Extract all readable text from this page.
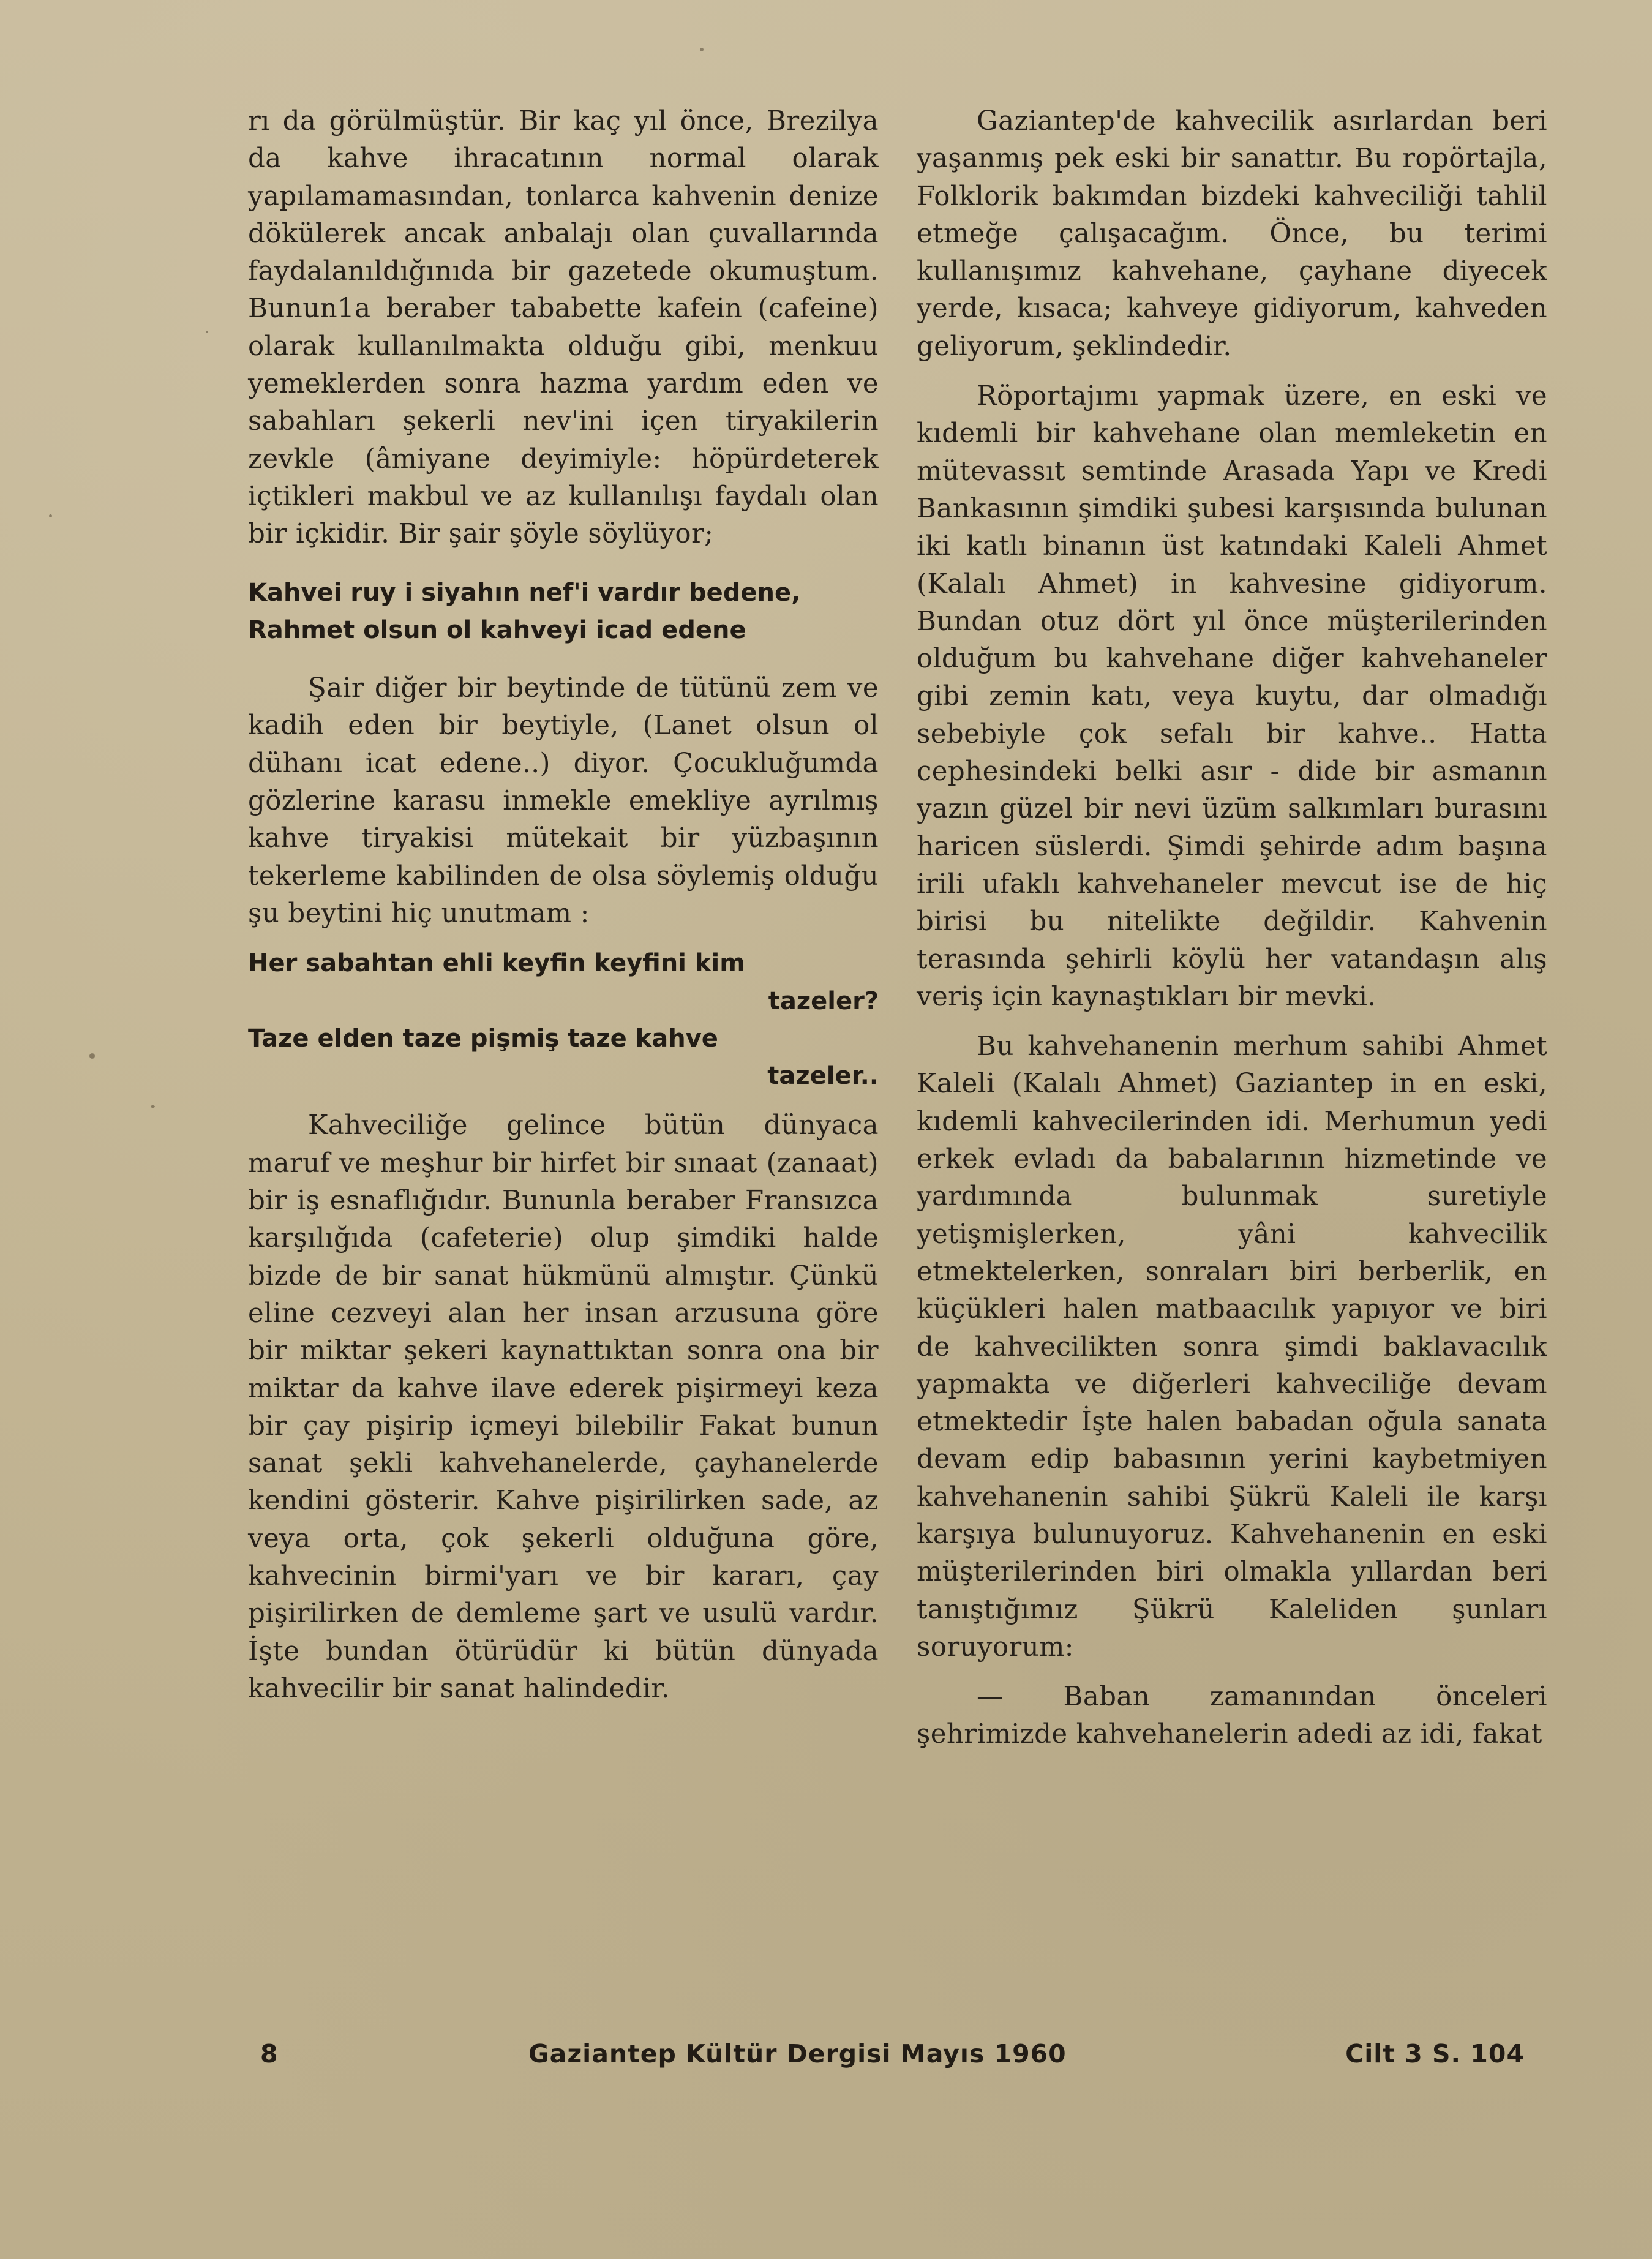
rı da görülmüştür. Bir kaç yıl önce, Brezilya da kahve ihracatının normal olarak yapılamamasından, tonlarca kahvenin denize dökülerek ancak anbalajı olan çuvallarında faydalanıldığınıda bir gazetede okumuştum. Bunun1a beraber tababette kafein (cafeine) olarak kullanılmakta olduğu gibi, menkuu yemeklerden sonra hazma yardım eden ve sabahları şekerli nev'ini içen tiryakilerin zevkle (âmiyane deyimiyle: höpürdeterek içtikleri makbul ve az kullanılışı faydalı olan bir içkidir. Bir şair şöyle söylüyor;

Kahvei ruy i siyahın nef'i vardır bedene,
Rahmet olsun ol kahveyi icad edene

Şair diğer bir beytinde de tütünü zem ve kadih eden bir beytiyle, (Lanet olsun ol dühanı icat edene..) diyor. Çocukluğumda gözlerine karasu inmekle emekliye ayrılmış kahve tiryakisi mütekait bir yüzbaşının tekerleme kabilinden de olsa söylemiş olduğu şu beytini hiç unutmam :

Her sabahtan ehli keyfin keyfini kim
tazeler?
Taze elden taze pişmiş taze kahve
tazeler..

Kahveciliğe gelince bütün dünyaca maruf ve meşhur bir hirfet bir sınaat (zanaat) bir iş esnaflığıdır. Bununla beraber Fransızca karşılığıda (cafeterie) olup şimdiki halde bizde de bir sanat hükmünü almıştır. Çünkü eline cezveyi alan her insan arzusuna göre bir miktar şekeri kaynattıktan sonra ona bir miktar da kahve ilave ederek pişirmeyi keza bir çay pişirip içmeyi bilebilir Fakat bunun sanat şekli kahvehanelerde, çayhanelerde kendini gösterir. Kahve pişirilirken sade, az veya orta, çok şekerli olduğuna göre, kahvecinin birmi'yarı ve bir kararı, çay pişirilirken de demleme şart ve usulü vardır. İşte bundan ötürüdür ki bütün dünyada kahvecilir bir sanat halindedir.

Gaziantep'de kahvecilik asırlardan beri yaşanmış pek eski bir sanattır. Bu ropörtajla, Folklorik bakımdan bizdeki kahveciliği tahlil etmeğe çalışacağım. Önce, bu terimi kullanışımız kahvehane, çayhane diyecek yerde, kısaca; kahveye gidiyorum, kahveden geliyorum, şeklindedir.

Röportajımı yapmak üzere, en eski ve kıdemli bir kahvehane olan memleketin en mütevassıt semtinde Arasada Yapı ve Kredi Bankasının şimdiki şubesi karşısında bulunan iki katlı binanın üst katındaki Kaleli Ahmet (Kalalı Ahmet) in kahvesine gidiyorum. Bundan otuz dört yıl önce müşterilerinden olduğum bu kahvehane diğer kahvehaneler gibi zemin katı, veya kuytu, dar olmadığı sebebiyle çok sefalı bir kahve.. Hatta cephesindeki belki asır - dide bir asmanın yazın güzel bir nevi üzüm salkımları burasını haricen süslerdi. Şimdi şehirde adım başına irili ufaklı kahvehaneler mevcut ise de hiç birisi bu nitelikte değildir. Kahvenin terasında şehirli köylü her vatandaşın alış veriş için kaynaştıkları bir mevki.

Bu kahvehanenin merhum sahibi Ahmet Kaleli (Kalalı Ahmet) Gaziantep in en eski, kıdemli kahvecilerinden idi. Merhumun yedi erkek evladı da babalarının hizmetinde ve yardımında bulunmak suretiyle yetişmişlerken, yâni kahvecilik etmektelerken, sonraları biri berberlik, en küçükleri halen matbaacılık yapıyor ve biri de kahvecilikten sonra şimdi baklavacılık yapmakta ve diğerleri kahveciliğe devam etmektedir İşte halen babadan oğula sanata devam edip babasının yerini kaybetmiyen kahvehanenin sahibi Şükrü Kaleli ile karşı karşıya bulunuyoruz. Kahvehanenin en eski müşterilerinden biri olmakla yıllardan beri tanıştığımız Şükrü Kaleliden şunları soruyorum:

— Baban zamanından önceleri şehrimizde kahvehanelerin adedi az idi, fakat

8	Gaziantep Kültür Dergisi Mayıs 1960	Cilt 3 S. 104
